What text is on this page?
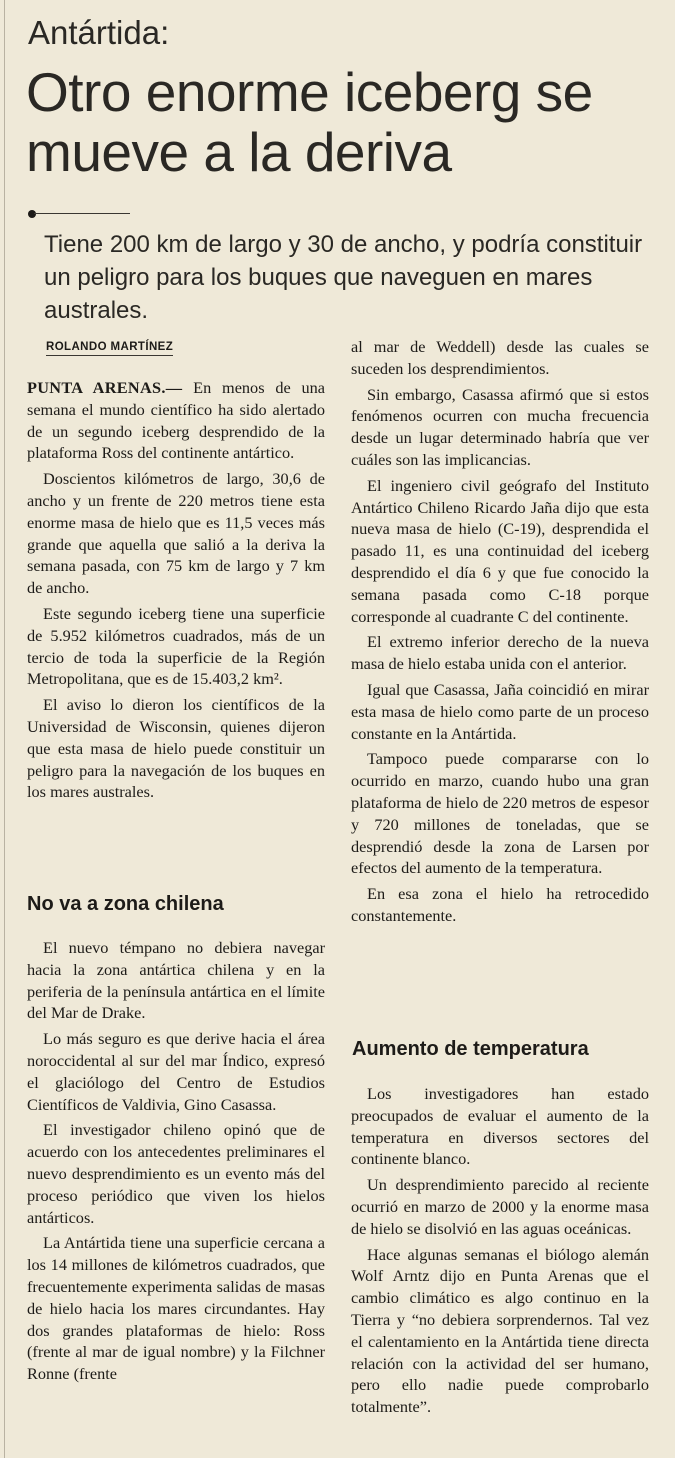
Antártida:
Otro enorme iceberg se mueve a la deriva
Tiene 200 km de largo y 30 de ancho, y podría constituir un peligro para los buques que naveguen en mares australes.
ROLANDO MARTÍNEZ

PUNTA ARENAS.— En menos de una semana el mundo científico ha sido alertado de un segundo iceberg desprendido de la plataforma Ross del continente antártico.

Doscientos kilómetros de largo, 30,6 de ancho y un frente de 220 metros tiene esta enorme masa de hielo que es 11,5 veces más grande que aquella que salió a la deriva la semana pasada, con 75 km de largo y 7 km de ancho.

Este segundo iceberg tiene una superficie de 5.952 kilómetros cuadrados, más de un tercio de toda la superficie de la Región Metropolitana, que es de 15.403,2 km².

El aviso lo dieron los científicos de la Universidad de Wisconsin, quienes dijeron que esta masa de hielo puede constituir un peligro para la navegación de los buques en los mares australes.

No va a zona chilena

El nuevo témpano no debiera navegar hacia la zona antártica chilena y en la periferia de la península antártica en el límite del Mar de Drake.

Lo más seguro es que derive hacia el área noroccidental al sur del mar Índico, expresó el glaciólogo del Centro de Estudios Científicos de Valdivia, Gino Casassa.

El investigador chileno opinó que de acuerdo con los antecedentes preliminares el nuevo desprendimiento es un evento más del proceso periódico que viven los hielos antárticos.

La Antártida tiene una superficie cercana a los 14 millones de kilómetros cuadrados, que frecuentemente experimenta salidas de masas de hielo hacia los mares circundantes. Hay dos grandes plataformas de hielo: Ross (frente al mar de igual nombre) y la Filchner Ronne (frente

al mar de Weddell) desde las cuales se suceden los desprendimientos.

Sin embargo, Casassa afirmó que si estos fenómenos ocurren con mucha frecuencia desde un lugar determinado habría que ver cuáles son las implicancias.

El ingeniero civil geógrafo del Instituto Antártico Chileno Ricardo Jaña dijo que esta nueva masa de hielo (C-19), desprendida el pasado 11, es una continuidad del iceberg desprendido el día 6 y que fue conocido la semana pasada como C-18 porque corresponde al cuadrante C del continente.

El extremo inferior derecho de la nueva masa de hielo estaba unida con el anterior.

Igual que Casassa, Jaña coincidió en mirar esta masa de hielo como parte de un proceso constante en la Antártida.

Tampoco puede compararse con lo ocurrido en marzo, cuando hubo una gran plataforma de hielo de 220 metros de espesor y 720 millones de toneladas, que se desprendió desde la zona de Larsen por efectos del aumento de la temperatura.

En esa zona el hielo ha retrocedido constantemente.

Aumento de temperatura

Los investigadores han estado preocupados de evaluar el aumento de la temperatura en diversos sectores del continente blanco.

Un desprendimiento parecido al reciente ocurrió en marzo de 2000 y la enorme masa de hielo se disolvió en las aguas oceánicas.

Hace algunas semanas el biólogo alemán Wolf Arntz dijo en Punta Arenas que el cambio climático es algo continuo en la Tierra y “no debiera sorprendernos. Tal vez el calentamiento en la Antártida tiene directa relación con la actividad del ser humano, pero ello nadie puede comprobarlo totalmente”.
